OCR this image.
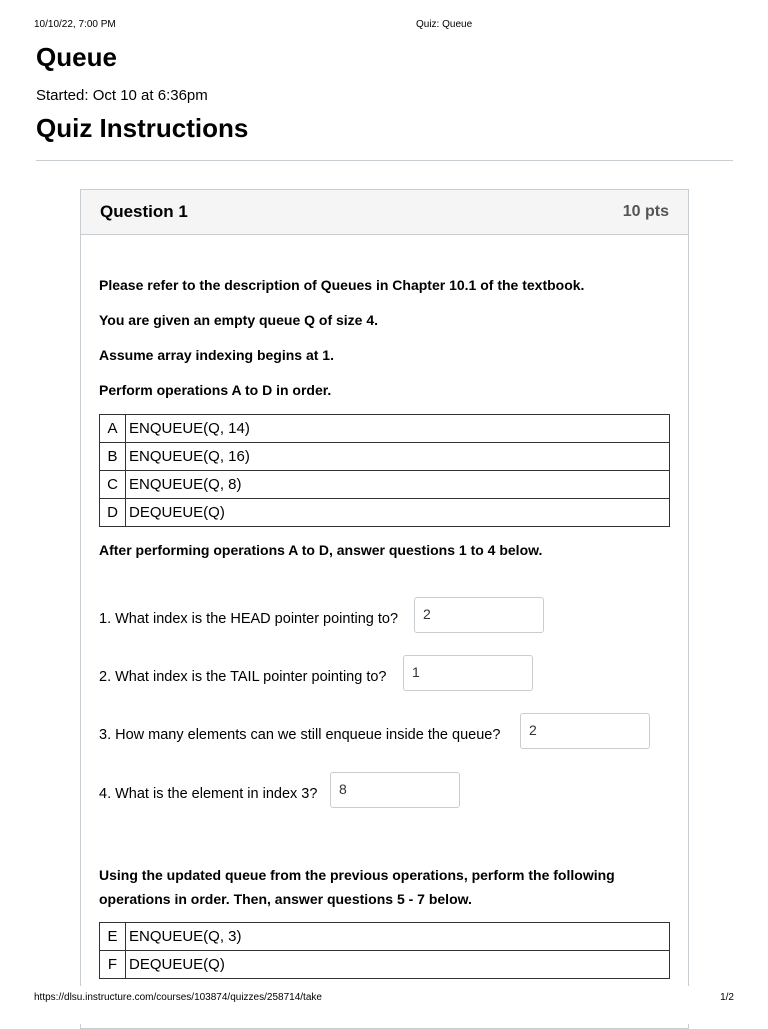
10/10/22, 7:00 PM	Quiz: Queue
Queue
Started: Oct 10 at 6:36pm
Quiz Instructions
Question 1	10 pts

Please refer to the description of Queues in Chapter 10.1 of the textbook.

You are given an empty queue Q of size 4.

Assume array indexing begins at 1.

Perform operations A to D in order.

A	ENQUEUE(Q, 14)
B	ENQUEUE(Q, 16)
C	ENQUEUE(Q, 8)
D	DEQUEUE(Q)

After performing operations A to D, answer questions 1 to 4 below.

1. What index is the HEAD pointer pointing to?	2
2. What index is the TAIL pointer pointing to?	1
3. How many elements can we still enqueue inside the queue?	2
4. What is the element in index 3?	8

Using the updated queue from the previous operations, perform the following operations in order. Then, answer questions 5 - 7 below.

E	ENQUEUE(Q, 3)
F	DEQUEUE(Q)
https://dlsu.instructure.com/courses/103874/quizzes/258714/take	1/2
